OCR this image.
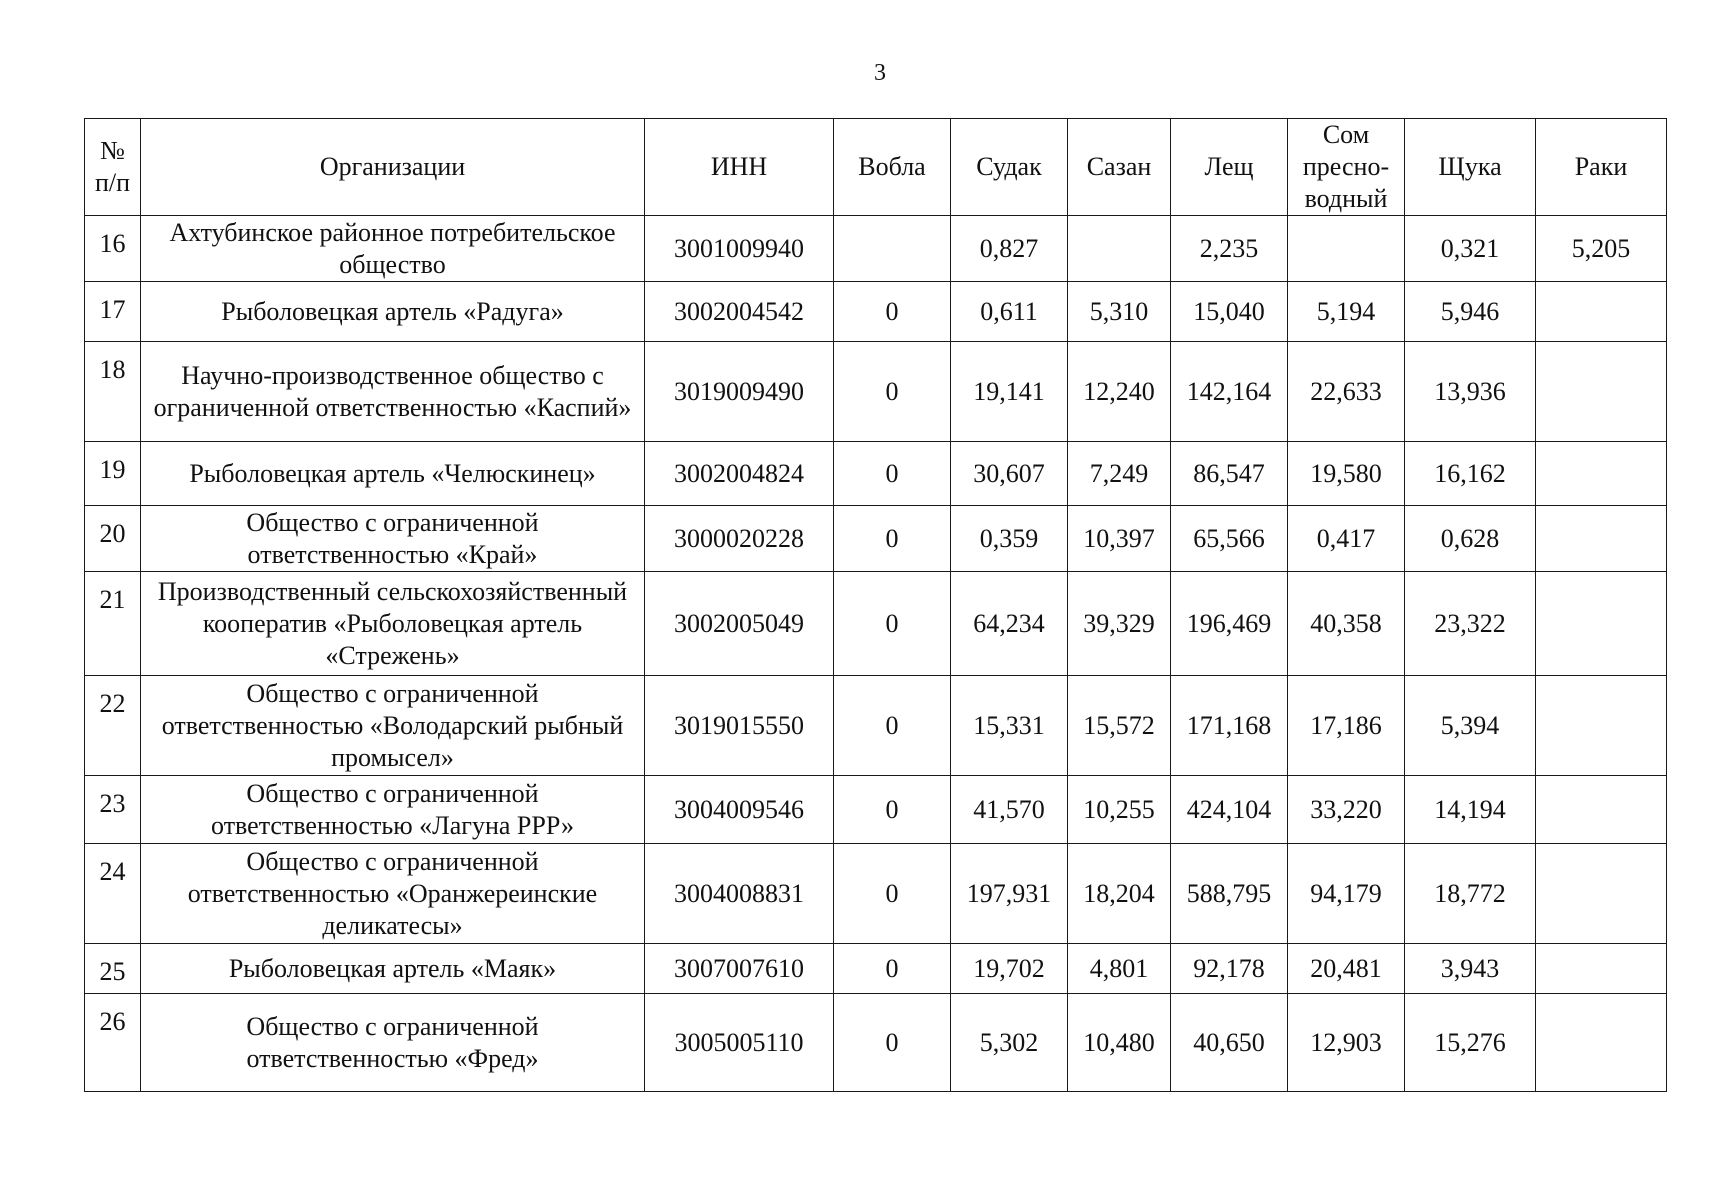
3
№ п/п	Организации	ИНН	Вобла	Судак	Сазан	Лещ	Сом пресно-водный	Щука	Раки
16	Ахтубинское районное потребительское общество	3001009940		0,827		2,235		0,321	5,205
17	Рыболовецкая артель «Радуга»	3002004542	0	0,611	5,310	15,040	5,194	5,946	
18	Научно-производственное общество с ограниченной ответственностью «Каспий»	3019009490	0	19,141	12,240	142,164	22,633	13,936	
19	Рыболовецкая артель «Челюскинец»	3002004824	0	30,607	7,249	86,547	19,580	16,162	
20	Общество с ограниченной ответственностью «Край»	3000020228	0	0,359	10,397	65,566	0,417	0,628	
21	Производственный сельскохозяйственный кооператив «Рыболовецкая артель «Стрежень»	3002005049	0	64,234	39,329	196,469	40,358	23,322	
22	Общество с ограниченной ответственностью «Володарский рыбный промысел»	3019015550	0	15,331	15,572	171,168	17,186	5,394	
23	Общество с ограниченной ответственностью «Лагуна РРР»	3004009546	0	41,570	10,255	424,104	33,220	14,194	
24	Общество с ограниченной ответственностью «Оранжереинские деликатесы»	3004008831	0	197,931	18,204	588,795	94,179	18,772	
25	Рыболовецкая артель «Маяк»	3007007610	0	19,702	4,801	92,178	20,481	3,943	
26	Общество с ограниченной ответственностью «Фред»	3005005110	0	5,302	10,480	40,650	12,903	15,276	
